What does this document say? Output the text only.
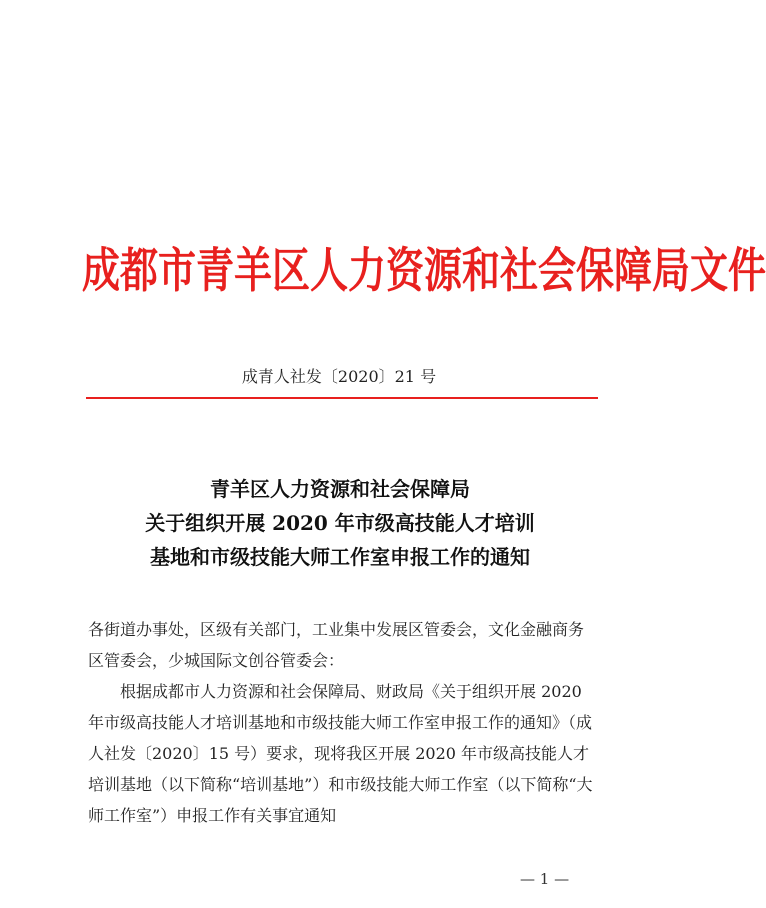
成都市青羊区人力资源和社会保障局文件
成青人社发〔2020〕21 号
青羊区人力资源和社会保障局
关于组织开展 2020 年市级高技能人才培训
基地和市级技能大师工作室申报工作的通知

各街道办事处，区级有关部门，工业集中发展区管委会，文化金融商务区管委会，少城国际文创谷管委会：

根据成都市人力资源和社会保障局、财政局《关于组织开展 2020 年市级高技能人才培训基地和市级技能大师工作室申报工作的通知》（成人社发〔2020〕15 号）要求，现将我区开展 2020 年市级高技能人才培训基地（以下简称“培训基地”）和市级技能大师工作室（以下简称“大师工作室”）申报工作有关事宜通知

— 1 —
